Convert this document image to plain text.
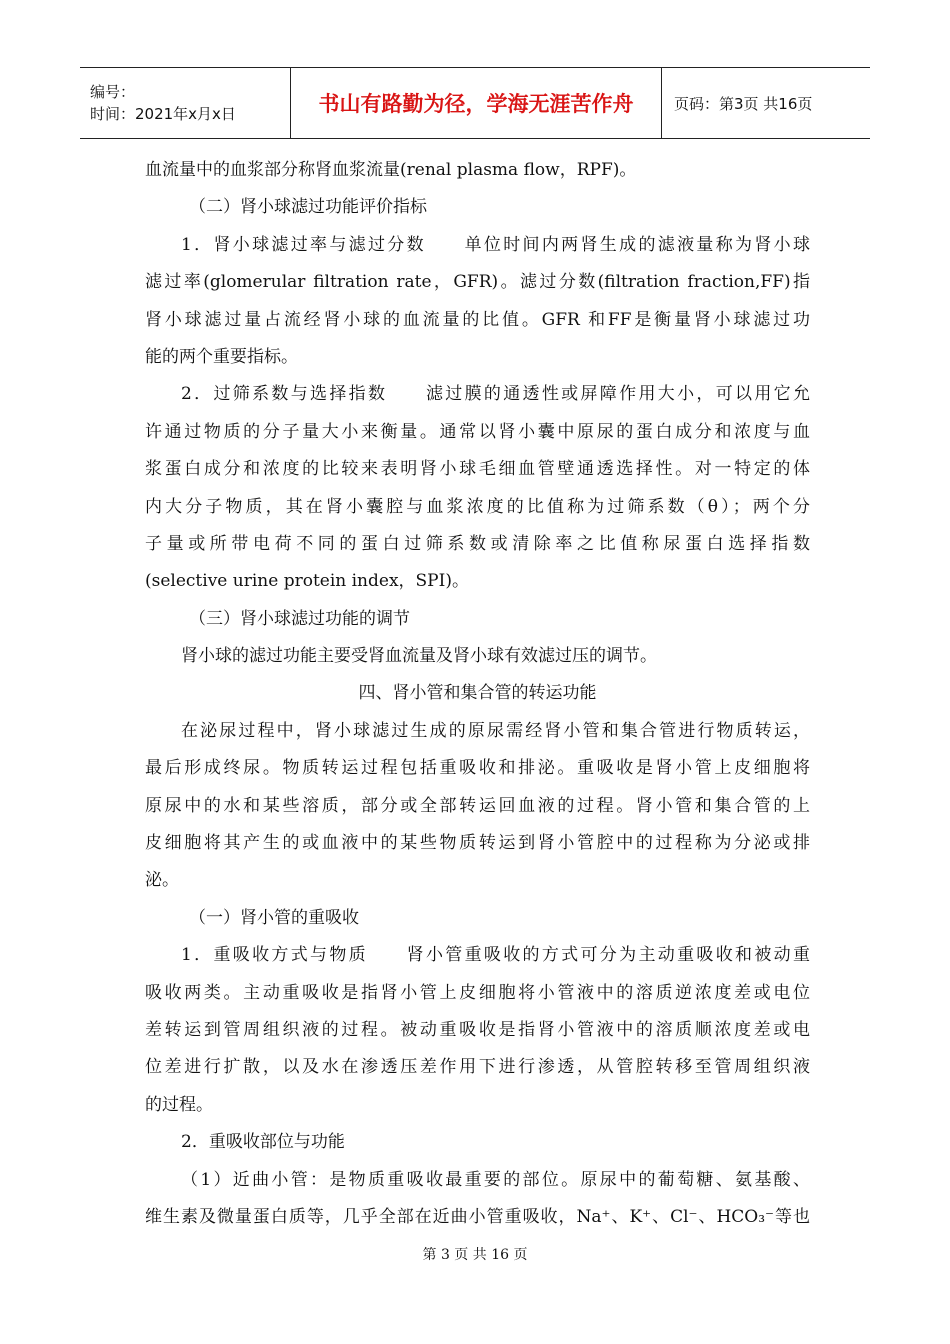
编号：
时间：2021年x月x日	书山有路勤为径，学海无涯苦作舟	页码：第3页 共16页
血流量中的血浆部分称肾血浆流量(renal plasma flow，RPF)。
（二）肾小球滤过功能评价指标
1．肾小球滤过率与滤过分数　　单位时间内两肾生成的滤液量称为肾小球
滤过率(glomerular filtration rate，GFR)。滤过分数(filtration fraction,FF)指
肾小球滤过量占流经肾小球的血流量的比值。GFR 和FF是衡量肾小球滤过功
能的两个重要指标。
2．过筛系数与选择指数　　滤过膜的通透性或屏障作用大小，可以用它允
许通过物质的分子量大小来衡量。通常以肾小囊中原尿的蛋白成分和浓度与血
浆蛋白成分和浓度的比较来表明肾小球毛细血管壁通透选择性。对一特定的体
内大分子物质，其在肾小囊腔与血浆浓度的比值称为过筛系数（θ）；两个分
子量或所带电荷不同的蛋白过筛系数或清除率之比值称尿蛋白选择指数
(selective urine protein index，SPI)。
（三）肾小球滤过功能的调节
肾小球的滤过功能主要受肾血流量及肾小球有效滤过压的调节。
四、肾小管和集合管的转运功能
在泌尿过程中，肾小球滤过生成的原尿需经肾小管和集合管进行物质转运，
最后形成终尿。物质转运过程包括重吸收和排泌。重吸收是肾小管上皮细胞将
原尿中的水和某些溶质，部分或全部转运回血液的过程。肾小管和集合管的上
皮细胞将其产生的或血液中的某些物质转运到肾小管腔中的过程称为分泌或排
泌。
（一）肾小管的重吸收
1．重吸收方式与物质　　肾小管重吸收的方式可分为主动重吸收和被动重
吸收两类。主动重吸收是指肾小管上皮细胞将小管液中的溶质逆浓度差或电位
差转运到管周组织液的过程。被动重吸收是指肾小管液中的溶质顺浓度差或电
位差进行扩散，以及水在渗透压差作用下进行渗透，从管腔转移至管周组织液
的过程。
2．重吸收部位与功能
（1）近曲小管：是物质重吸收最重要的部位。原尿中的葡萄糖、氨基酸、
维生素及微量蛋白质等，几乎全部在近曲小管重吸收，Na⁺、K⁺、Cl⁻、HCO₃⁻等也
第 3 页 共 16 页
